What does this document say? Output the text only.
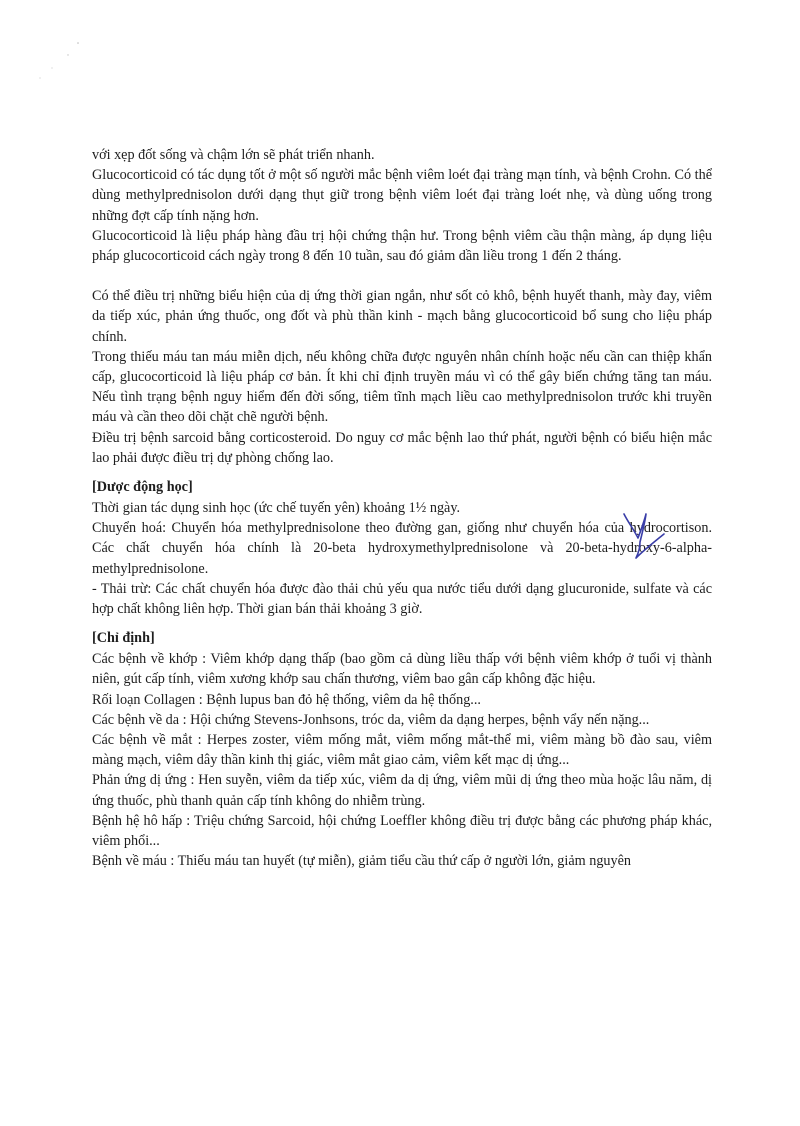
với xẹp đốt sống và chậm lớn sẽ phát triển nhanh.

Glucocorticoid có tác dụng tốt ở một số người mắc bệnh viêm loét đại tràng mạn tính, và bệnh Crohn. Có thể dùng methylprednisolon dưới dạng thụt giữ trong bệnh viêm loét đại tràng loét nhẹ, và dùng uống trong những đợt cấp tính nặng hơn.

Glucocorticoid là liệu pháp hàng đầu trị hội chứng thận hư. Trong bệnh viêm cầu thận màng, áp dụng liệu pháp glucocorticoid cách ngày trong 8 đến 10 tuần, sau đó giảm dần liều trong 1 đến 2 tháng.

Có thể điều trị những biểu hiện của dị ứng thời gian ngắn, như sốt cỏ khô, bệnh huyết thanh, mày đay, viêm da tiếp xúc, phản ứng thuốc, ong đốt và phù thần kinh - mạch bằng glucocorticoid bổ sung cho liệu pháp chính.

Trong thiếu máu tan máu miễn dịch, nếu không chữa được nguyên nhân chính hoặc nếu cần can thiệp khẩn cấp, glucocorticoid là liệu pháp cơ bản. Ít khi chỉ định truyền máu vì có thể gây biến chứng tăng tan máu. Nếu tình trạng bệnh nguy hiểm đến đời sống, tiêm tĩnh mạch liều cao methylprednisolon trước khi truyền máu và cần theo dõi chặt chẽ người bệnh.

Điều trị bệnh sarcoid bằng corticosteroid. Do nguy cơ mắc bệnh lao thứ phát, người bệnh có biểu hiện mắc lao phải được điều trị dự phòng chống lao.

[Dược động học]

Thời gian tác dụng sinh học (ức chế tuyến yên) khoảng 1½ ngày.

Chuyển hoá: Chuyển hóa methylprednisolone theo đường gan, giống như chuyển hóa của hydrocortison. Các chất chuyển hóa chính là 20-beta hydroxymethylprednisolone và 20-beta-hydroxy-6-alpha-methylprednisolone.

- Thải trừ: Các chất chuyển hóa được đào thải chủ yếu qua nước tiểu dưới dạng glucuronide, sulfate và các hợp chất không liên hợp. Thời gian bán thải khoảng 3 giờ.

[Chỉ định]

Các bệnh về khớp : Viêm khớp dạng thấp (bao gồm cả dùng liều thấp với bệnh viêm khớp ở tuổi vị thành niên, gút cấp tính, viêm xương khớp sau chấn thương, viêm bao gân cấp không đặc hiệu.

Rối loạn Collagen : Bệnh lupus ban đỏ hệ thống, viêm da hệ thống...

Các bệnh về da : Hội chứng Stevens-Jonhsons, tróc da, viêm da dạng herpes, bệnh vẩy nến nặng...

Các bệnh về mắt : Herpes zoster, viêm mống mắt, viêm mống mắt-thể mi, viêm màng bồ đào sau, viêm màng mạch, viêm dây thần kinh thị giác, viêm mắt giao cảm, viêm kết mạc dị ứng...

Phản ứng dị ứng : Hen suyễn, viêm da tiếp xúc, viêm da dị ứng, viêm mũi dị ứng theo mùa hoặc lâu năm, dị ứng thuốc, phù thanh quản cấp tính không do nhiễm trùng.

Bệnh hệ hô hấp : Triệu chứng Sarcoid, hội chứng Loeffler không điều trị được bằng các phương pháp khác, viêm phổi...

Bệnh về máu : Thiếu máu tan huyết (tự miễn), giảm tiểu cầu thứ cấp ở người lớn, giảm nguyên
